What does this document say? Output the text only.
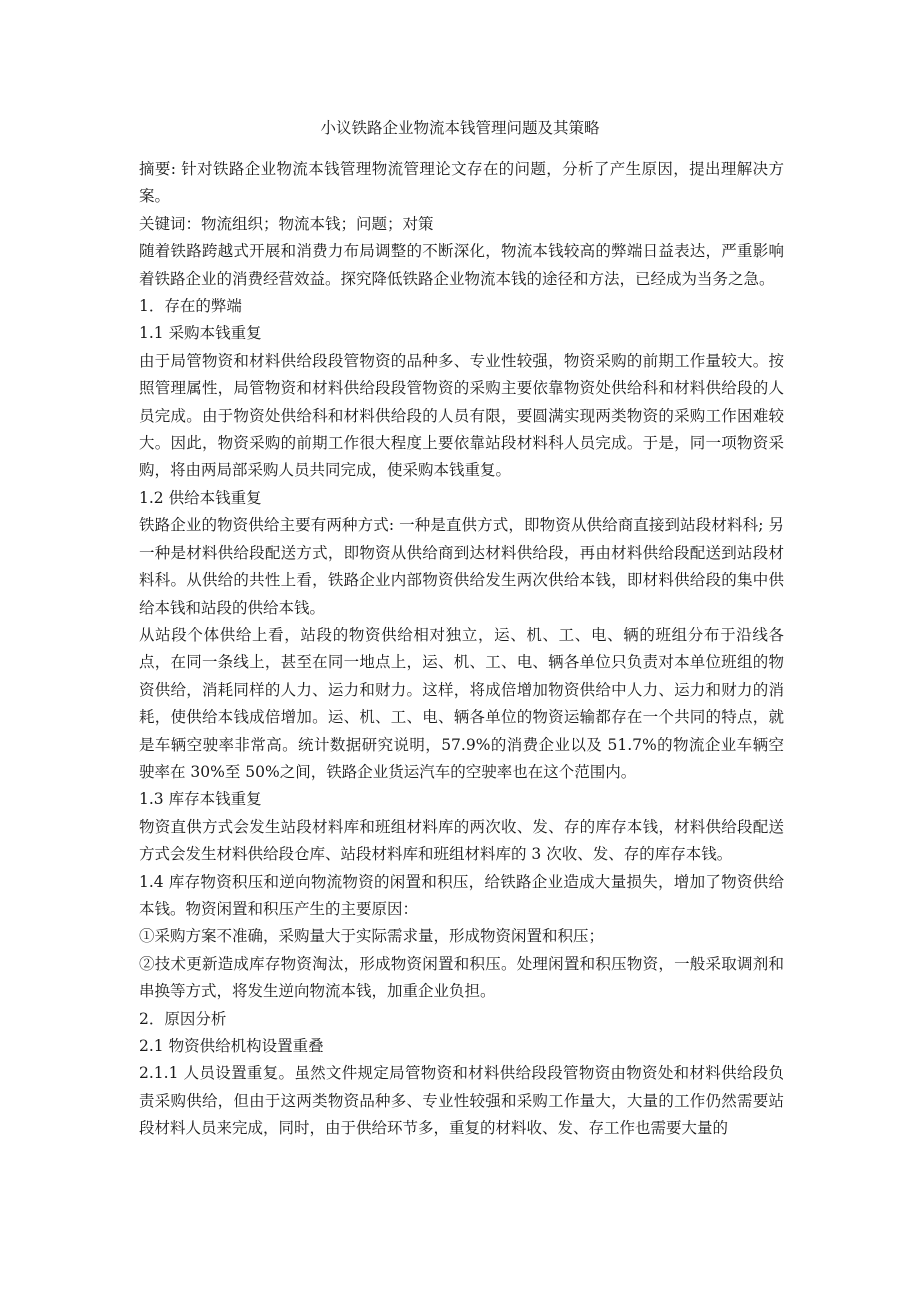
小议铁路企业物流本钱管理问题及其策略

摘要: 针对铁路企业物流本钱管理物流管理论文存在的问题，分析了产生原因，提出理解决方案。

关键词：物流组织；物流本钱；问题；对策

随着铁路跨越式开展和消费力布局调整的不断深化，物流本钱较高的弊端日益表达，严重影响着铁路企业的消费经营效益。探究降低铁路企业物流本钱的途径和方法，已经成为当务之急。

1．存在的弊端

1.1 采购本钱重复

由于局管物资和材料供给段段管物资的品种多、专业性较强，物资采购的前期工作量较大。按照管理属性，局管物资和材料供给段段管物资的采购主要依靠物资处供给科和材料供给段的人员完成。由于物资处供给科和材料供给段的人员有限，要圆满实现两类物资的采购工作困难较大。因此，物资采购的前期工作很大程度上要依靠站段材料科人员完成。于是，同一项物资采购，将由两局部采购人员共同完成，使采购本钱重复。

1.2 供给本钱重复

铁路企业的物资供给主要有两种方式: 一种是直供方式，即物资从供给商直接到站段材料科; 另一种是材料供给段配送方式，即物资从供给商到达材料供给段，再由材料供给段配送到站段材料科。从供给的共性上看，铁路企业内部物资供给发生两次供给本钱，即材料供给段的集中供给本钱和站段的供给本钱。

从站段个体供给上看，站段的物资供给相对独立，运、机、工、电、辆的班组分布于沿线各点，在同一条线上，甚至在同一地点上，运、机、工、电、辆各单位只负责对本单位班组的物资供给，消耗同样的人力、运力和财力。这样，将成倍增加物资供给中人力、运力和财力的消耗，使供给本钱成倍增加。运、机、工、电、辆各单位的物资运输都存在一个共同的特点，就是车辆空驶率非常高。统计数据研究说明，57.9%的消费企业以及 51.7%的物流企业车辆空驶率在 30%至 50%之间，铁路企业货运汽车的空驶率也在这个范围内。

1.3 库存本钱重复

物资直供方式会发生站段材料库和班组材料库的两次收、发、存的库存本钱，材料供给段配送方式会发生材料供给段仓库、站段材料库和班组材料库的 3 次收、发、存的库存本钱。

1.4 库存物资积压和逆向物流物资的闲置和积压，给铁路企业造成大量损失，增加了物资供给本钱。物资闲置和积压产生的主要原因：

①采购方案不准确，采购量大于实际需求量，形成物资闲置和积压；

②技术更新造成库存物资淘汰，形成物资闲置和积压。处理闲置和积压物资，一般采取调剂和串换等方式，将发生逆向物流本钱，加重企业负担。

2．原因分析

2.1 物资供给机构设置重叠

2.1.1 人员设置重复。虽然文件规定局管物资和材料供给段段管物资由物资处和材料供给段负责采购供给，但由于这两类物资品种多、专业性较强和采购工作量大，大量的工作仍然需要站段材料人员来完成，同时，由于供给环节多，重复的材料收、发、存工作也需要大量的
